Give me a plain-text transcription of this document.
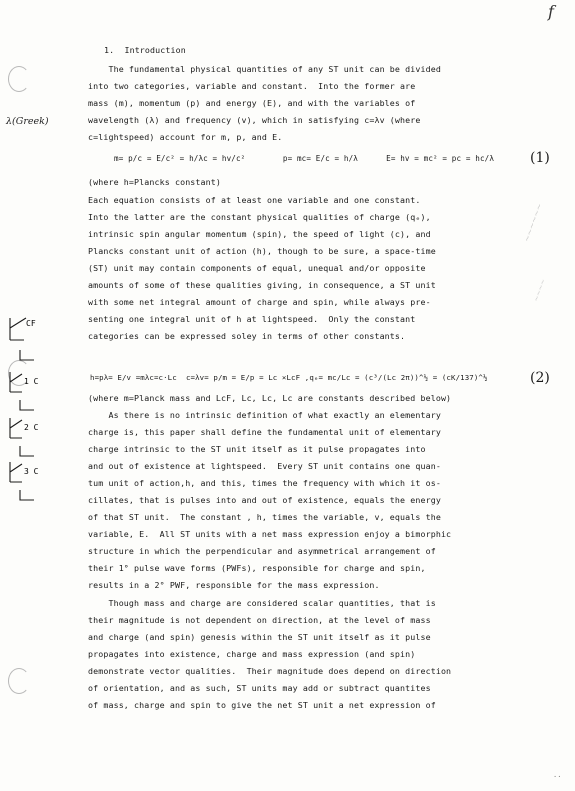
f
λ(Greek)
~~~~~~
~~~~
1.  Introduction
The fundamental physical quantities of any ST unit can be divided
into two categories, variable and constant.  Into the former are
mass (m), momentum (p) and energy (E), and with the variables of
wavelength (λ) and frequency (v), which in satisfying c=λv (where
c=lightspeed) account for m, p, and E.
m= p/c = E/c² = h/λc = hv/c²        p= mc= E/c = h/λ      E= hv = mc² = pc = hc/λ
(where h=Plancks constant)
Each equation consists of at least one variable and one constant.
Into the latter are the constant physical qualities of charge (qₑ),
intrinsic spin angular momentum (spin), the speed of light (c), and
Plancks constant unit of action (h), though to be sure, a space-time
(ST) unit may contain components of equal, unequal and/or opposite
amounts of some of these qualities giving, in consequence, a ST unit
with some net integral amount of charge and spin, while always pre-
senting one integral unit of h at lightspeed.  Only the constant
categories can be expressed soley in terms of other constants.
h=pλ= E/v =mλc=c·Lc  c=λv= p/m = E/p = Lc ×LcF ,qₑ= mc/Lc = (c³/(Lc 2π))^½ = (cK/137)^½
(where m=Planck mass and LcF, Lc, Lc, Lc are constants described below)
As there is no intrinsic definition of what exactly an elementary
charge is, this paper shall define the fundamental unit of elementary
charge intrinsic to the ST unit itself as it pulse propagates into
and out of existence at lightspeed.  Every ST unit contains one quan-
tum unit of action,h, and this, times the frequency with which it os-
cillates, that is pulses into and out of existence, equals the energy
of that ST unit.  The constant , h, times the variable, v, equals the
variable, E.  All ST units with a net mass expression enjoy a bimorphic
structure in which the perpendicular and asymmetrical arrangement of
their 1° pulse wave forms (PWFs), responsible for charge and spin,
results in a 2° PWF, responsible for the mass expression.
Though mass and charge are considered scalar quantities, that is
their magnitude is not dependent on direction, at the level of mass
and charge (and spin) genesis within the ST unit itself as it pulse
propagates into existence, charge and mass expression (and spin)
demonstrate vector qualities.  Their magnitude does depend on direction
of orientation, and as such, ST units may add or subtract quantites
of mass, charge and spin to give the net ST unit a net expression of
(1)
(2)
CF
1 C
2 C
3 C
··
